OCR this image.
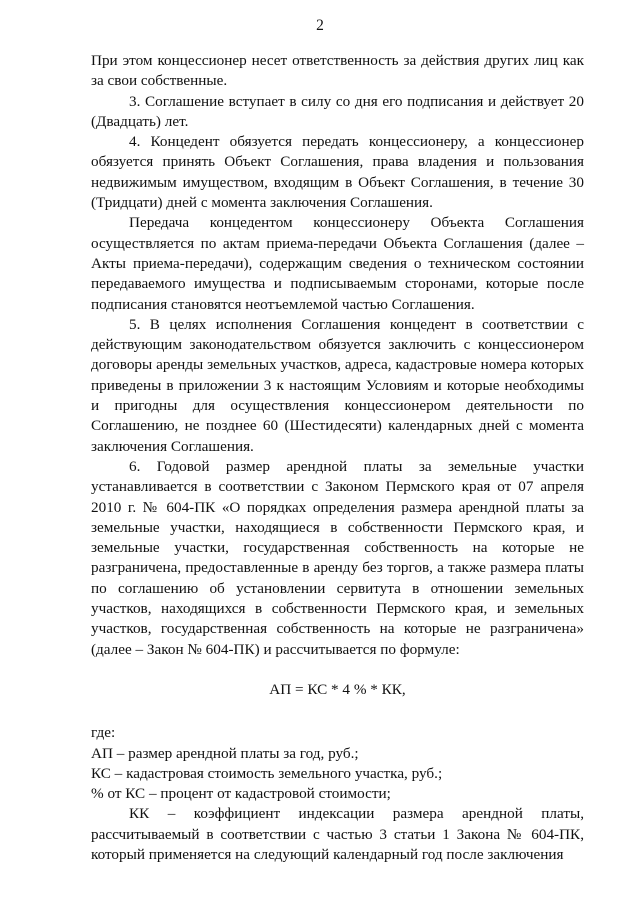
2

При этом концессионер несет ответственность за действия других лиц как за свои собственные.

3. Соглашение вступает в силу со дня его подписания и действует 20 (Двадцать) лет.

4. Концедент обязуется передать концессионеру, а концессионер обязуется принять Объект Соглашения, права владения и пользования недвижимым имуществом, входящим в Объект Соглашения, в течение 30 (Тридцати) дней с момента заключения Соглашения.

Передача концедентом концессионеру Объекта Соглашения осуществляется по актам приема-передачи Объекта Соглашения (далее – Акты приема-передачи), содержащим сведения о техническом состоянии передаваемого имущества и подписываемым сторонами, которые после подписания становятся неотъемлемой частью Соглашения.

5. В целях исполнения Соглашения концедент в соответствии с действующим законодательством обязуется заключить с концессионером договоры аренды земельных участков, адреса, кадастровые номера которых приведены в приложении 3 к настоящим Условиям и которые необходимы и пригодны для осуществления концессионером деятельности по Соглашению, не позднее 60 (Шестидесяти) календарных дней с момента заключения Соглашения.

6. Годовой размер арендной платы за земельные участки устанавливается в соответствии с Законом Пермского края от 07 апреля 2010 г. № 604-ПК «О порядках определения размера арендной платы за земельные участки, находящиеся в собственности Пермского края, и земельные участки, государственная собственность на которые не разграничена, предоставленные в аренду без торгов, а также размера платы по соглашению об установлении сервитута в отношении земельных участков, находящихся в собственности Пермского края, и земельных участков, государственная собственность на которые не разграничена» (далее – Закон № 604-ПК) и рассчитывается по формуле:

АП = КС * 4 % * КК,

где:

АП – размер арендной платы за год, руб.;

КС – кадастровая стоимость земельного участка, руб.;

% от КС – процент от кадастровой стоимости;

КК – коэффициент индексации размера арендной платы, рассчитываемый в соответствии с частью 3 статьи 1 Закона № 604-ПК, который применяется на следующий календарный год после заключения
